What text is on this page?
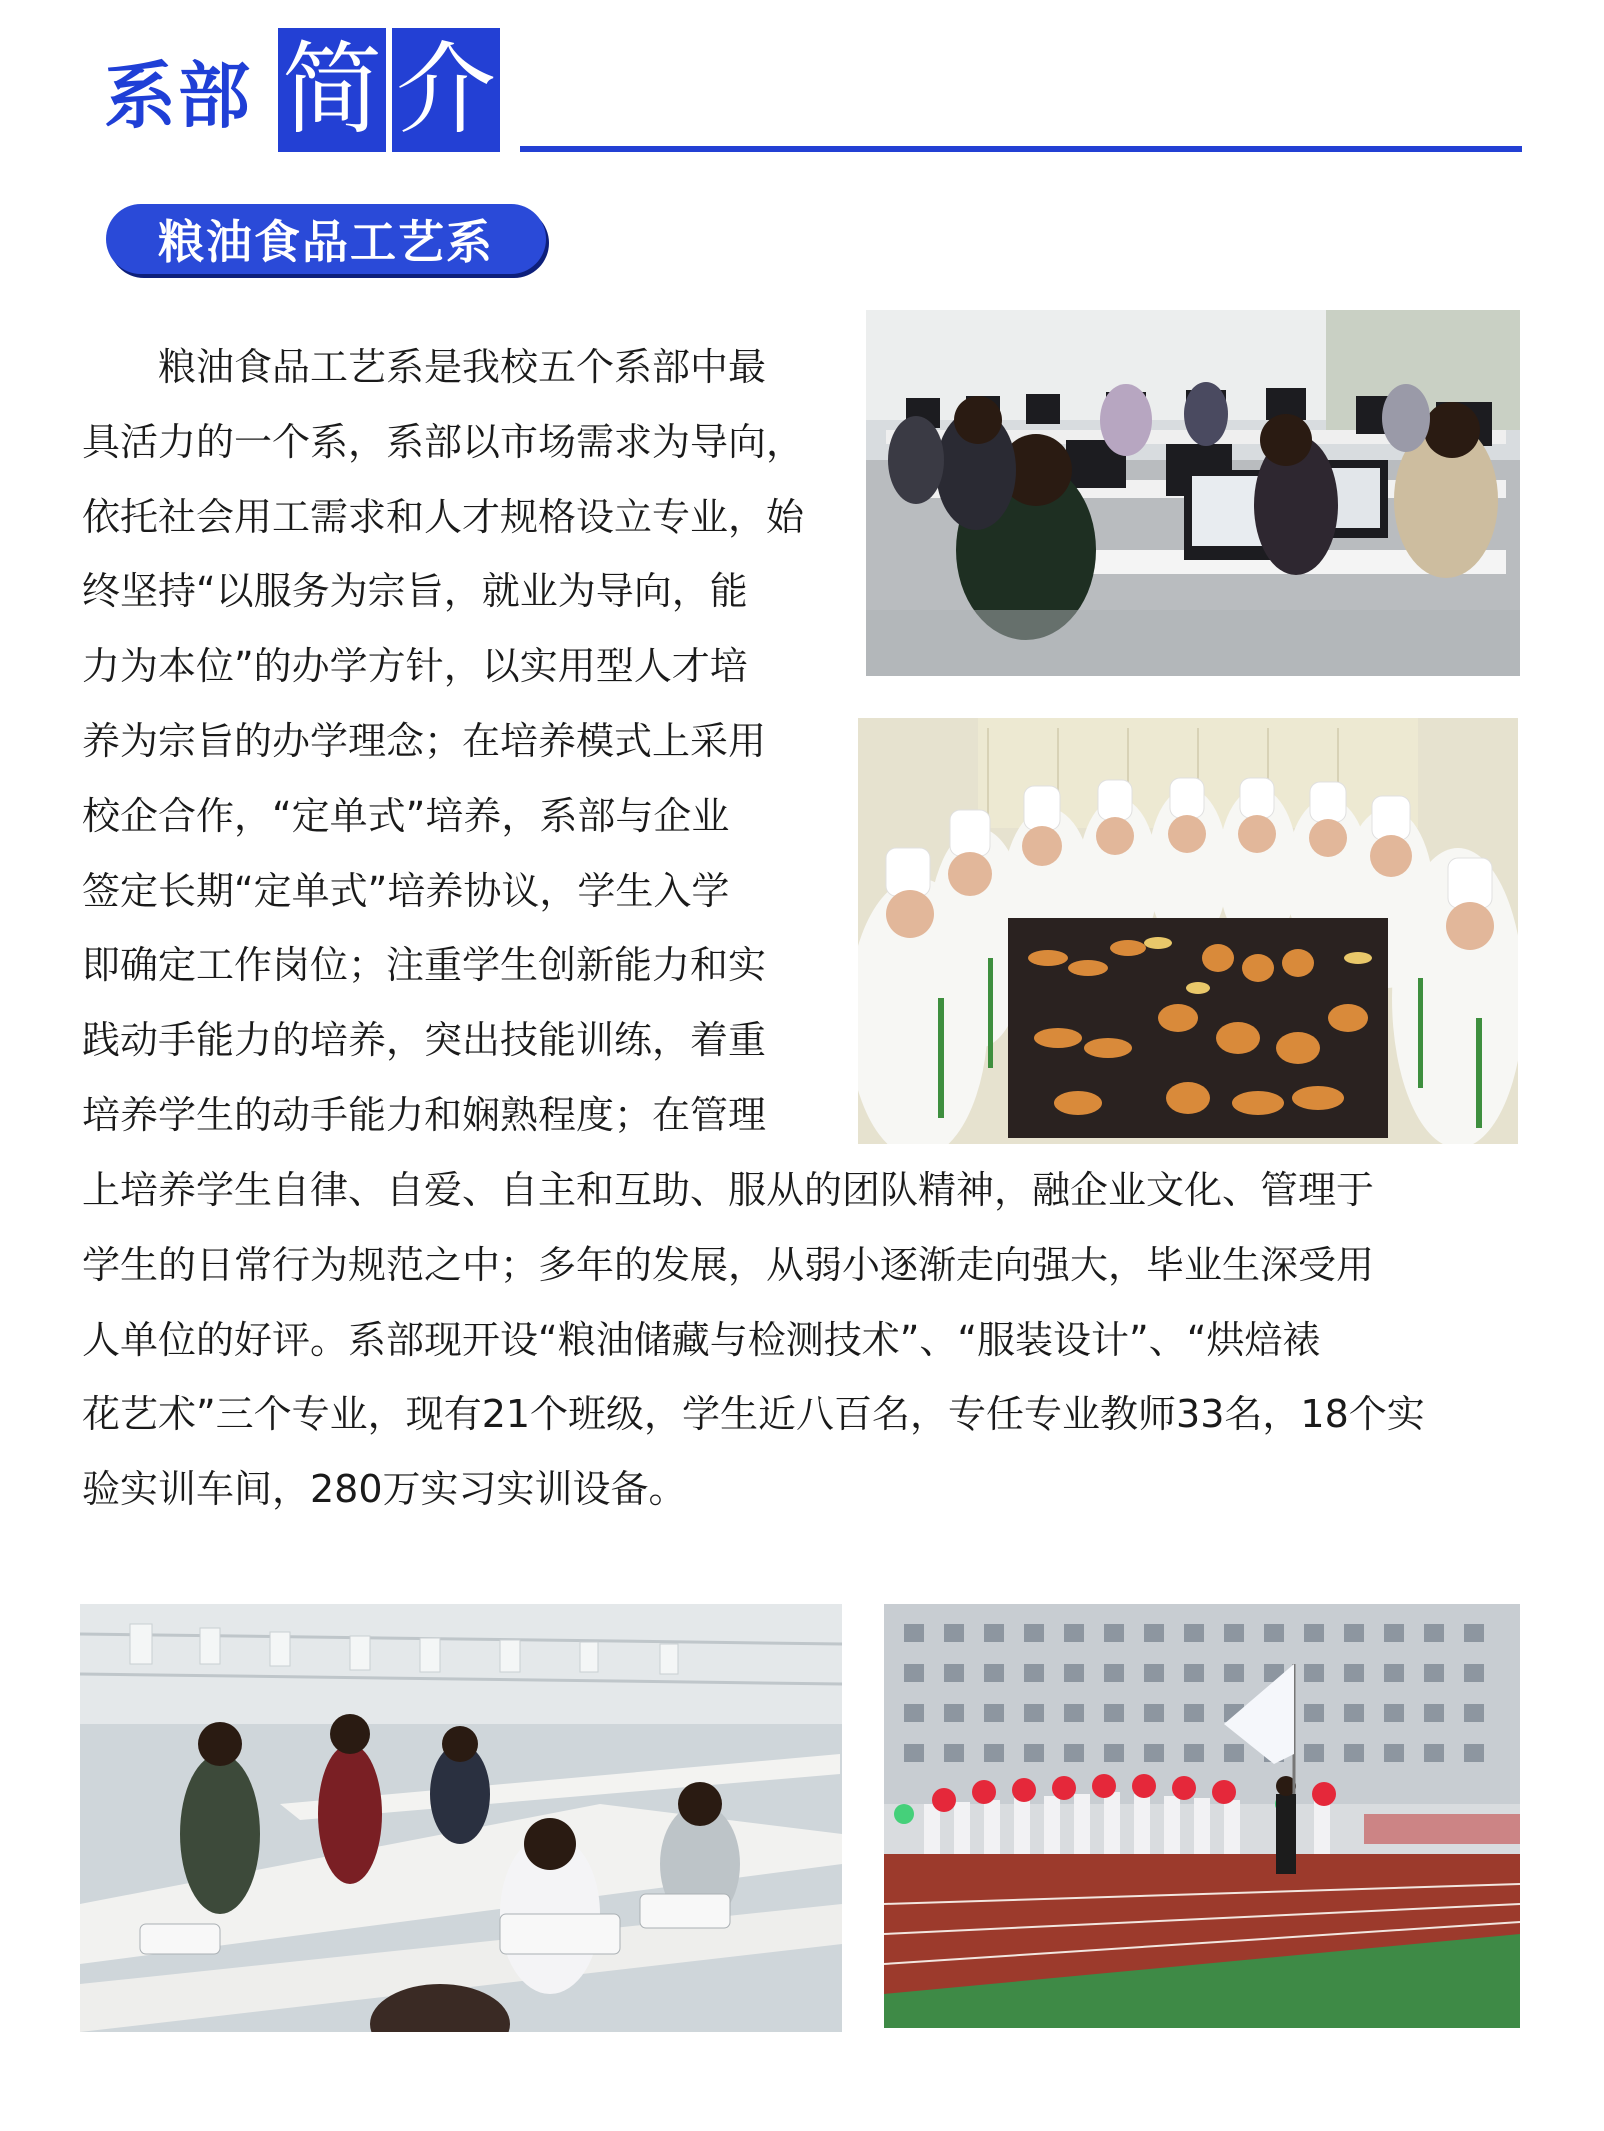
系部 简 介
粮油食品工艺系
　　粮油食品工艺系是我校五个系部中最
具活力的一个系，系部以市场需求为导向，
依托社会用工需求和人才规格设立专业，始
终坚持“以服务为宗旨，就业为导向，能
力为本位”的办学方针，以实用型人才培
养为宗旨的办学理念；在培养模式上采用
校企合作，“定单式”培养，系部与企业
签定长期“定单式”培养协议，学生入学
即确定工作岗位；注重学生创新能力和实
践动手能力的培养，突出技能训练，着重
培养学生的动手能力和娴熟程度；在管理
上培养学生自律、自爱、自主和互助、服从的团队精神，融企业文化、管理于
学生的日常行为规范之中；多年的发展，从弱小逐渐走向强大，毕业生深受用
人单位的好评。系部现开设“粮油储藏与检测技术”、“服装设计”、“烘焙裱
花艺术”三个专业，现有21个班级，学生近八百名，专任专业教师33名，18个实
验实训车间，280万实习实训设备。
